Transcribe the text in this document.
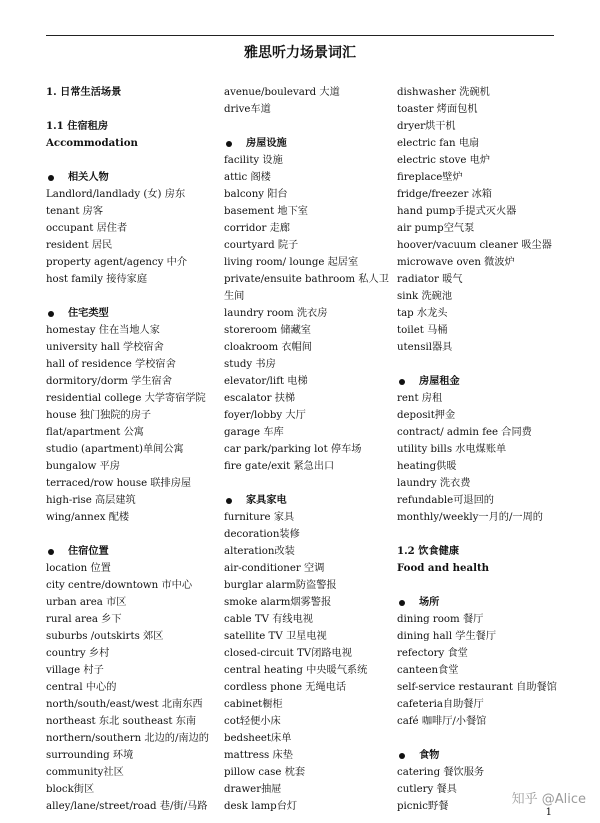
雅思听力场景词汇
1. 日常生活场景
1.1 住宿租房
Accommodation
相关人物
Landlord/landlady (女) 房东
tenant 房客
occupant 居住者
resident 居民
property agent/agency 中介
host family 接待家庭
住宅类型
homestay 住在当地人家
university hall 学校宿舍
hall of residence 学校宿舍
dormitory/dorm 学生宿舍
residential college 大学寄宿学院
house 独门独院的房子
flat/apartment 公寓
studio (apartment)单间公寓
bungalow 平房
terraced/row house 联排房屋
high-rise 高层建筑
wing/annex 配楼
住宿位置
location 位置
city centre/downtown 市中心
urban area 市区
rural area 乡下
suburbs /outskirts 郊区
country 乡村
village 村子
central 中心的
north/south/east/west 北南东西
northeast 东北 southeast 东南
northern/southern 北边的/南边的
surrounding 环境
community社区
block街区
alley/lane/street/road 巷/街/马路
avenue/boulevard 大道
drive车道
房屋设施
facility 设施
attic 阁楼
balcony 阳台
basement 地下室
corridor 走廊
courtyard 院子
living room/ lounge 起居室
private/ensuite bathroom 私人卫生间
laundry room 洗衣房
storeroom 储藏室
cloakroom 衣帽间
study 书房
elevator/lift 电梯
escalator 扶梯
foyer/lobby 大厅
garage 车库
car park/parking lot 停车场
fire gate/exit 紧急出口
家具家电
furniture 家具
decoration装修
alteration改装
air-conditioner 空调
burglar alarm防盗警报
smoke alarm烟雾警报
cable TV 有线电视
satellite TV 卫星电视
closed-circuit TV闭路电视
central heating 中央暖气系统
cordless phone 无绳电话
cabinet橱柜
cot轻便小床
bedsheet床单
mattress 床垫
pillow case 枕套
drawer抽屉
desk lamp台灯
dishwasher 洗碗机
toaster 烤面包机
dryer烘干机
electric fan 电扇
electric stove 电炉
fireplace壁炉
fridge/freezer 冰箱
hand pump手提式灭火器
air pump空气泵
hoover/vacuum cleaner 吸尘器
microwave oven 微波炉
radiator 暖气
sink 洗碗池
tap 水龙头
toilet 马桶
utensil器具
房屋租金
rent 房租
deposit押金
contract/ admin fee 合同费
utility bills 水电煤账单
heating供暖
laundry 洗衣费
refundable可退回的
monthly/weekly一月的/一周的
1.2 饮食健康
Food and health
场所
dining room 餐厅
dining hall 学生餐厅
refectory 食堂
canteen食堂
self-service restaurant 自助餐馆
cafeteria自助餐厅
café 咖啡厅/小餐馆
食物
catering 餐饮服务
cutlery 餐具
picnic野餐	知乎 @Alice
1
